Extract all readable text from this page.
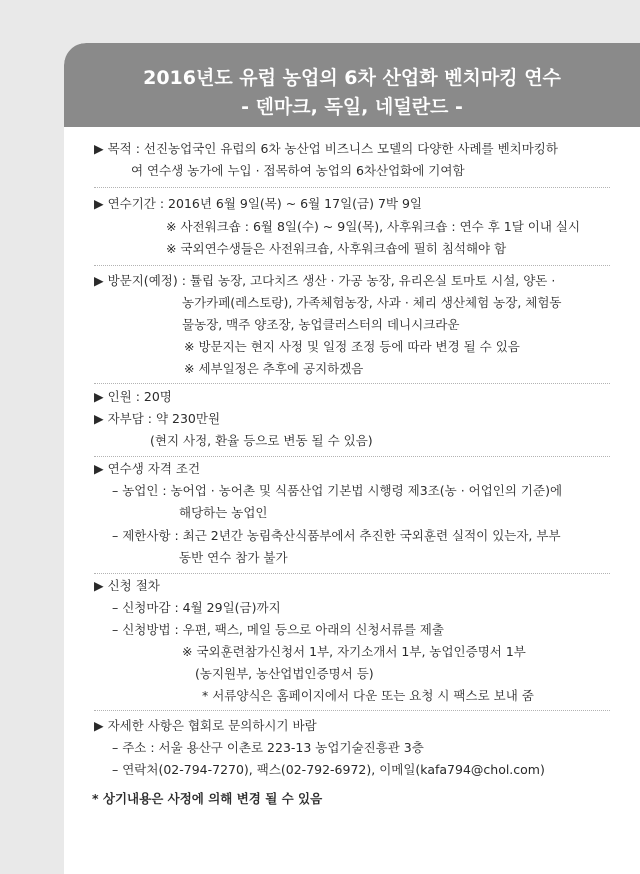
2016년도 유럽 농업의 6차 산업화 벤치마킹 연수
- 덴마크, 독일, 네덜란드 -
▶ 목적 : 선진농업국인 유럽의 6차 농산업 비즈니스 모델의 다양한 사례를 벤치마킹하
여 연수생 농가에 누입 · 접목하여 농업의 6차산업화에 기여함
▶ 연수기간 : 2016년 6월 9일(목) ~ 6월 17일(금) 7박 9일
※ 사전워크숍 : 6월 8일(수) ~ 9일(목), 사후워크숍 : 연수 후 1달 이내 실시
※ 국외연수생들은 사전워크숍, 사후워크숍에 필히 침석해야 함
▶ 방문지(예정) : 튤립 농장, 고다치즈 생산 · 가공 농장, 유리온실 토마토 시설, 양돈 ·
농가카페(레스토랑), 가족체험농장, 사과 · 체리 생산체험 농장, 체험동
물농장, 맥주 양조장, 농업클러스터의 데니시크라운
※ 방문지는 현지 사정 및 일정 조정 등에 따라 변경 될 수 있음
※ 세부일정은 추후에 공지하겠음
▶ 인원 : 20명
▶ 자부담 : 약 230만원
(현지 사정, 환율 등으로 변동 될 수 있음)
▶ 연수생 자격 조건
– 농업인 : 농어업 · 농어촌 및 식품산업 기본법 시행령 제3조(농 · 어업인의 기준)에
해당하는 농업인
– 제한사항 : 최근 2년간 농림축산식품부에서 추진한 국외훈련 실적이 있는자, 부부
동반 연수 참가 불가
▶ 신청 절차
– 신청마감 : 4월 29일(금)까지
– 신청방법 : 우편, 팩스, 메일 등으로 아래의 신청서류를 제출
※ 국외훈련참가신청서 1부, 자기소개서 1부, 농업인증명서 1부
(농지원부, 농산업법인증명서 등)
* 서류양식은 홈페이지에서 다운 또는 요청 시 팩스로 보내 줌
▶ 자세한 사항은 협회로 문의하시기 바람
– 주소 : 서울 용산구 이촌로 223-13 농업기술진흥관 3층
– 연락처(02-794-7270), 팩스(02-792-6972), 이메일(kafa794@chol.com)
* 상기내용은 사정에 의해 변경 될 수 있음
